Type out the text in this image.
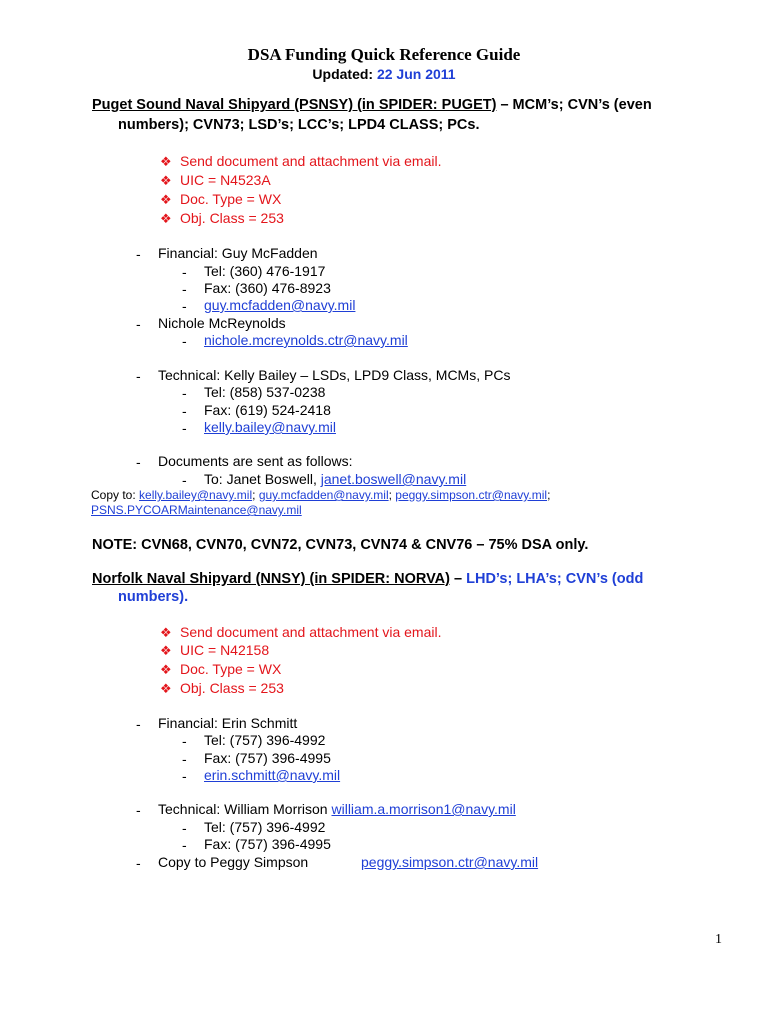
DSA Funding Quick Reference Guide
Updated: 22 Jun 2011
Puget Sound Naval Shipyard (PSNSY) (in SPIDER: PUGET) – MCM’s; CVN’s (even
numbers); CVN73; LSD’s; LCC’s; LPD4 CLASS; PCs.
❖ Send document and attachment via email.
❖ UIC = N4523A
❖ Doc. Type = WX
❖ Obj. Class = 253
- Financial: Guy McFadden
- Tel: (360) 476-1917
- Fax: (360) 476-8923
- guy.mcfadden@navy.mil
- Nichole McReynolds
- nichole.mcreynolds.ctr@navy.mil
- Technical: Kelly Bailey – LSDs, LPD9 Class, MCMs, PCs
- Tel: (858) 537-0238
- Fax: (619) 524-2418
- kelly.bailey@navy.mil
- Documents are sent as follows:
- To: Janet Boswell, janet.boswell@navy.mil
Copy to: kelly.bailey@navy.mil; guy.mcfadden@navy.mil; peggy.simpson.ctr@navy.mil;
PSNS.PYCOARMaintenance@navy.mil
NOTE: CVN68, CVN70, CVN72, CVN73, CVN74 & CNV76 – 75% DSA only.
Norfolk Naval Shipyard (NNSY) (in SPIDER: NORVA) – LHD’s; LHA’s; CVN’s (odd
numbers).
❖ Send document and attachment via email.
❖ UIC = N42158
❖ Doc. Type = WX
❖ Obj. Class = 253
- Financial: Erin Schmitt
- Tel: (757) 396-4992
- Fax: (757) 396-4995
- erin.schmitt@navy.mil
- Technical: William Morrison william.a.morrison1@navy.mil
- Tel: (757) 396-4992
- Fax: (757) 396-4995
- Copy to Peggy Simpson	peggy.simpson.ctr@navy.mil
1
